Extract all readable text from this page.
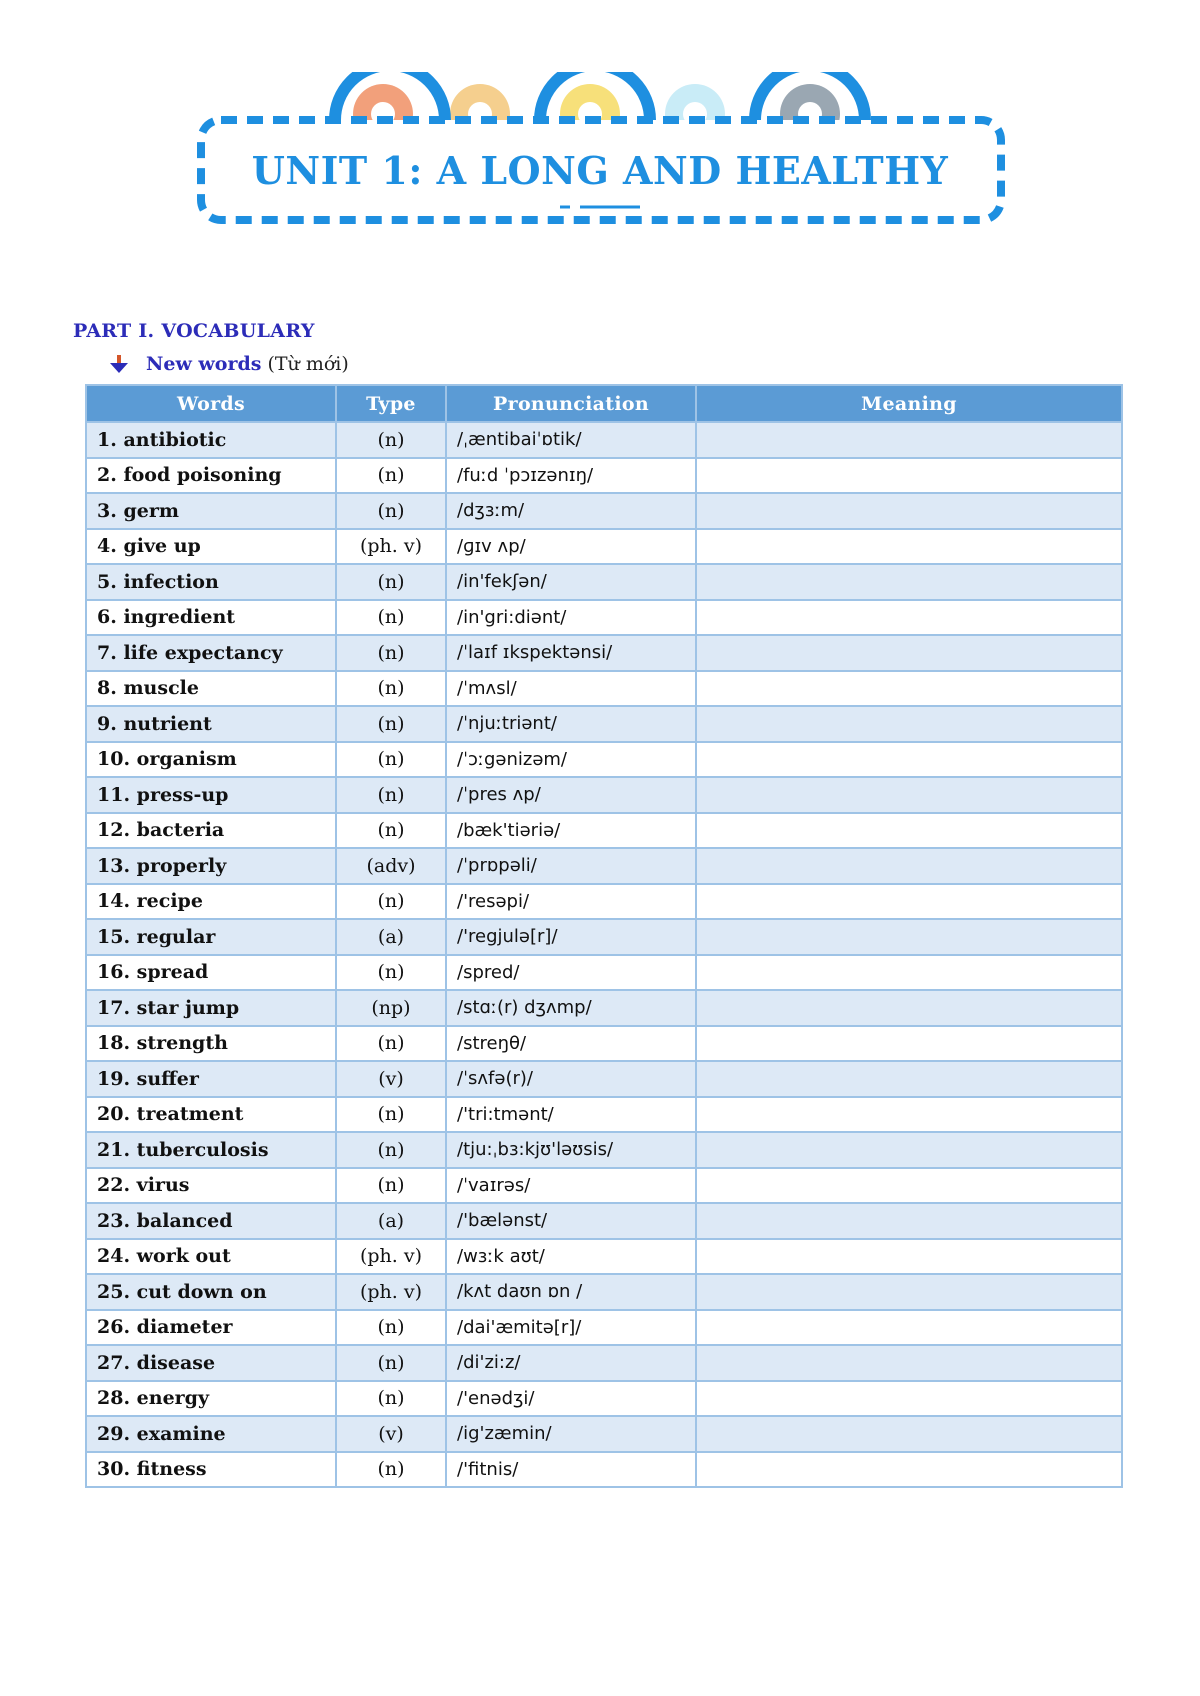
UNIT 1: A LONG AND HEALTHY
PART I. VOCABULARY
New words (Từ mới)
Words	Type	Pronunciation	Meaning
1. antibiotic	(n)	/ˌæntibaiˈɒtik/	
2. food poisoning	(n)	/fuːd ˈpɔɪzənɪŋ/	
3. germ	(n)	/dʒɜːm/	
4. give up	(ph. v)	/ɡɪv ʌp/	
5. infection	(n)	/in'fekʃən/	
6. ingredient	(n)	/in'gri:diənt/	
7. life expectancy	(n)	/ˈlaɪf ɪkspektənsi/	
8. muscle	(n)	/ˈmʌsl/	
9. nutrient	(n)	/ˈnjuːtriənt/	
10. organism	(n)	/ˈɔːgənizəm/	
11. press-up	(n)	/ˈpres ʌp/	
12. bacteria	(n)	/bæk'tiəriə/	
13. properly	(adv)	/ˈprɒpəli/	
14. recipe	(n)	/'resəpi/	
15. regular	(a)	/'regjulə[r]/	
16. spread	(n)	/spred/	
17. star jump	(np)	/stɑː(r) dʒʌmp/	
18. strength	(n)	/streŋθ/	
19. suffer	(v)	/ˈsʌfə(r)/	
20. treatment	(n)	/'tri:tmənt/	
21. tuberculosis	(n)	/tju:ˌbɜ:kjʊ'ləʊsis/	
22. virus	(n)	/ˈvaɪrəs/	
23. balanced	(a)	/'bælənst/	
24. work out	(ph. v)	/wɜːk aʊt/	
25. cut down on	(ph. v)	/kʌt daʊn ɒn /	
26. diameter	(n)	/dai'æmitə[r]/	
27. disease	(n)	/di'zi:z/	
28. energy	(n)	/'enədʒi/	
29. examine	(v)	/ig'zæmin/	
30. fitness	(n)	/'fitnis/	
